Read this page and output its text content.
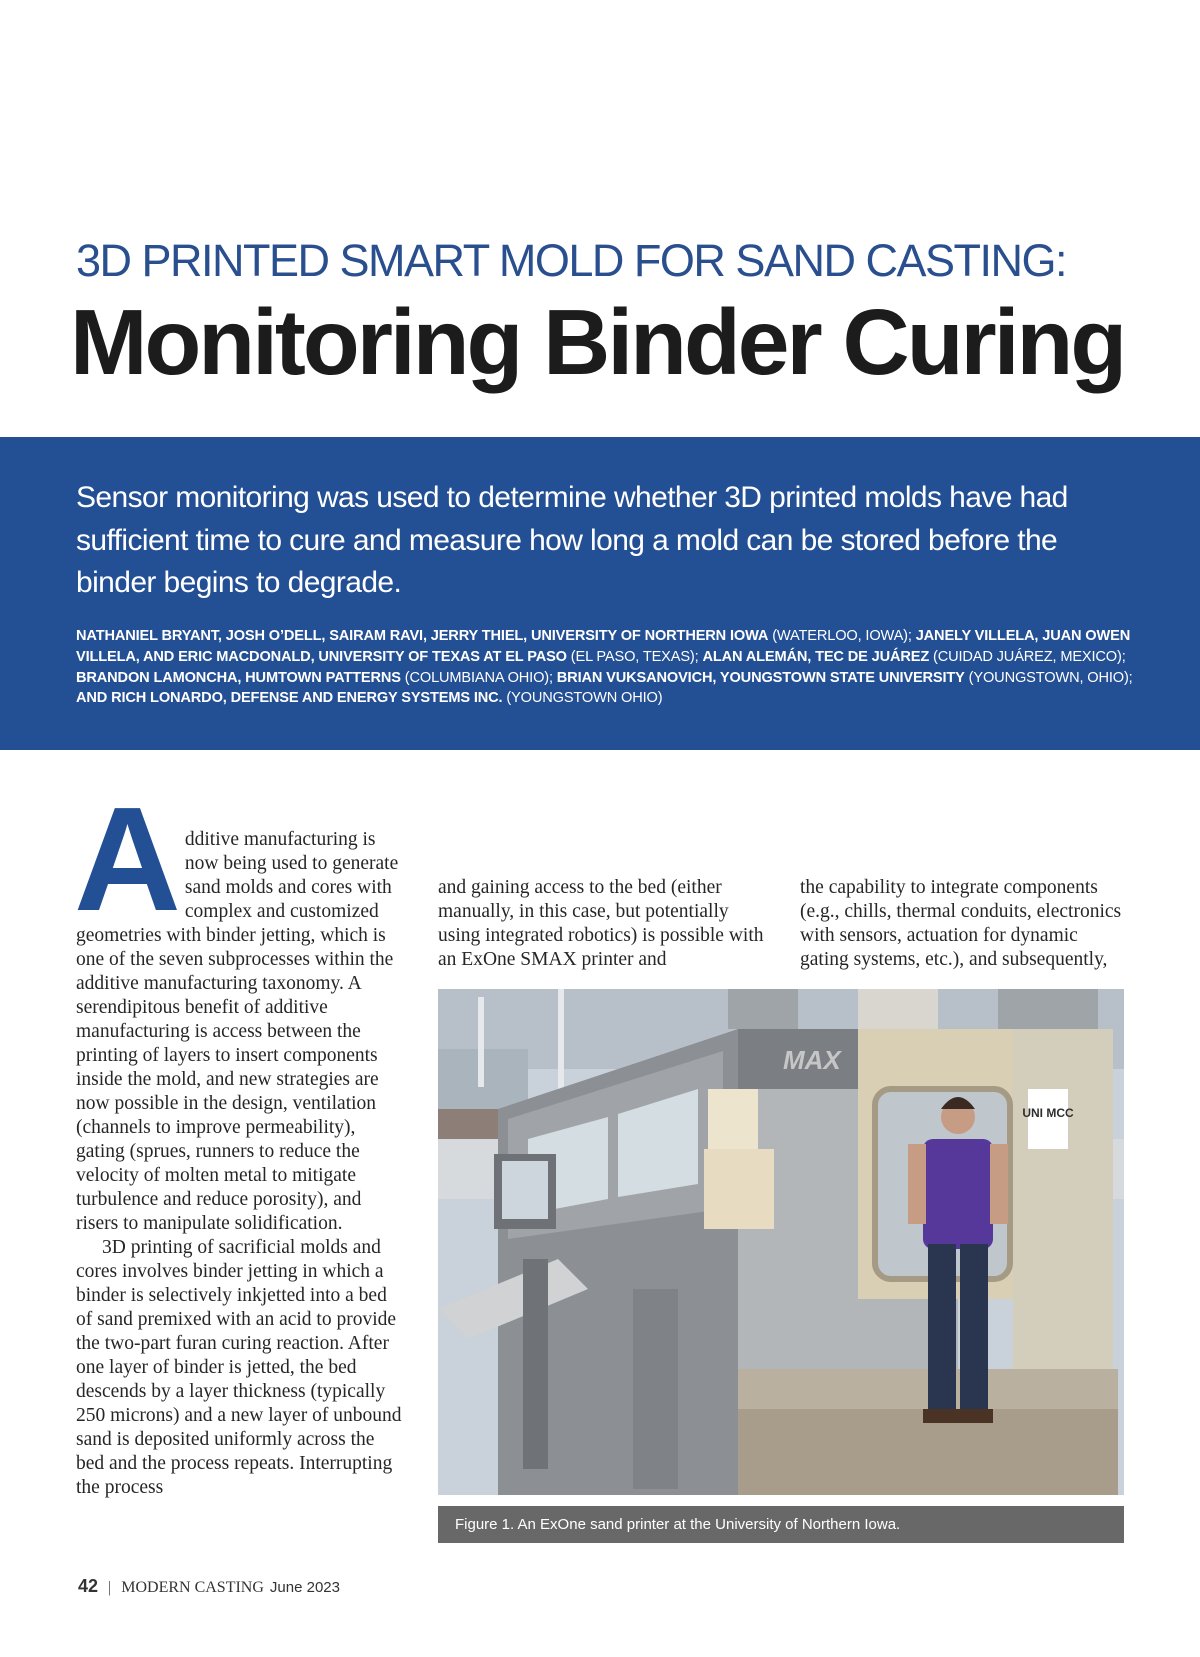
3D PRINTED SMART MOLD FOR SAND CASTING:
Monitoring Binder Curing
Sensor monitoring was used to determine whether 3D printed molds have had sufficient time to cure and measure how long a mold can be stored before the binder begins to degrade.
NATHANIEL BRYANT, JOSH O’DELL, SAIRAM RAVI, JERRY THIEL, UNIVERSITY OF NORTHERN IOWA (WATERLOO, IOWA); JANELY VILLELA, JUAN OWEN VILLELA, AND ERIC MACDONALD, UNIVERSITY OF TEXAS AT EL PASO (EL PASO, TEXAS); ALAN ALEMÁN, TEC DE JUÁREZ (CUIDAD JUÁREZ, MEXICO); BRANDON LAMONCHA, HUMTOWN PATTERNS (COLUMBIANA OHIO); BRIAN VUKSANOVICH, YOUNGSTOWN STATE UNIVERSITY (YOUNGSTOWN, OHIO); AND RICH LONARDO, DEFENSE AND ENERGY SYSTEMS INC. (YOUNGSTOWN OHIO)

A dditive manufacturing is now being used to generate sand molds and cores with complex and customized geometries with binder jetting, which is one of the seven subprocesses within the additive manufacturing taxonomy. A serendipitous benefit of additive manufacturing is access between the printing of layers to insert components inside the mold, and new strategies are now possible in the design, ventilation (channels to improve permeability), gating (sprues, runners to reduce the velocity of molten metal to mitigate turbulence and reduce porosity), and risers to manipulate solidification.

3D printing of sacrificial molds and cores involves binder jetting in which a binder is selectively inkjetted into a bed of sand premixed with an acid to provide the two-part furan curing reaction. After one layer of binder is jetted, the bed descends by a layer thickness (typically 250 microns) and a new layer of unbound sand is deposited uniformly across the bed and the process repeats. Interrupting the process

and gaining access to the bed (either manually, in this case, but potentially using integrated robotics) is possible with an ExOne SMAX printer and

the capability to integrate components (e.g., chills, thermal conduits, electronics with sensors, actuation for dynamic gating systems, etc.), and subsequently,

UNI MCC
MAX
Figure 1. An ExOne sand printer at the University of Northern Iowa.
42 | MODERN CASTING June 2023
